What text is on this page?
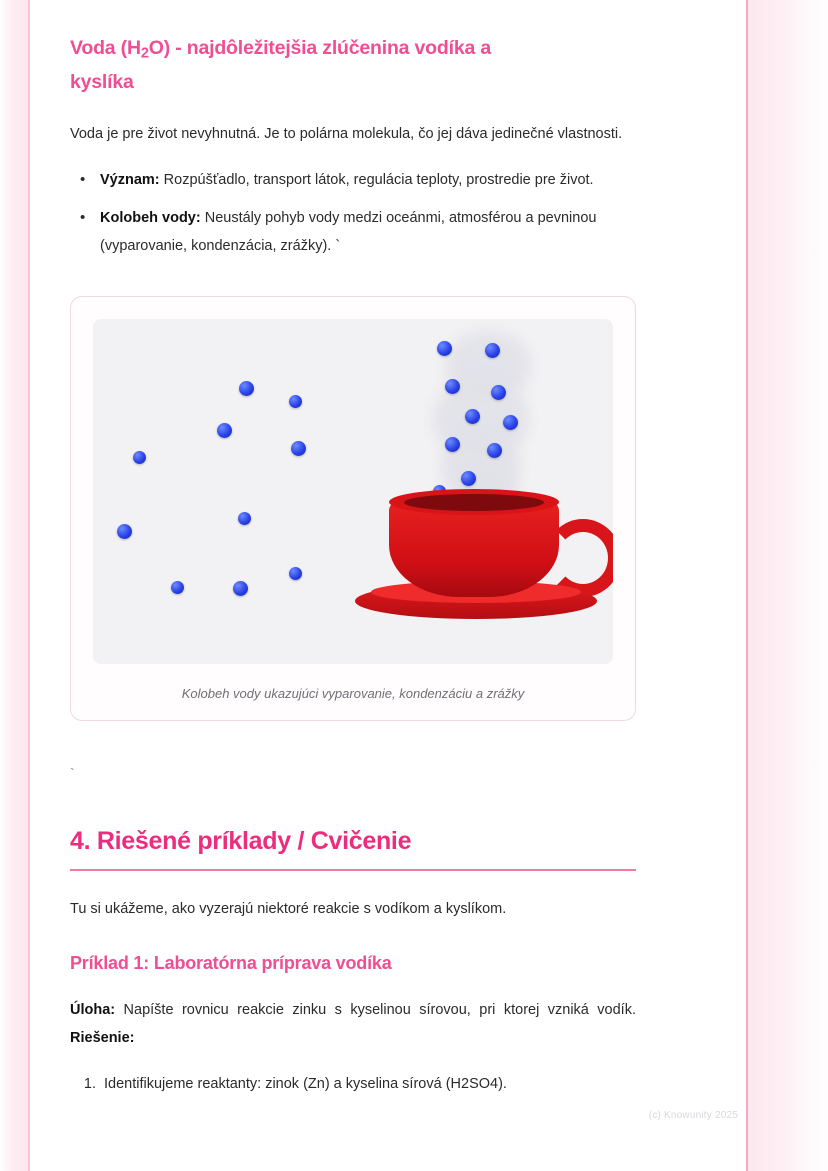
Voda $(H_2O)$ - najdôležitejšia zlúčenina vodíka a
kyslíka

Voda je pre život nevyhnutná. Je to polárna molekula, čo jej dáva jedinečné vlastnosti.

• Význam: Rozpúšťadlo, transport látok, regulácia teploty, prostredie pre život.
• Kolobeh vody: Neustály pohyb vody medzi oceánmi, atmosférou a pevninou (vyparovanie, kondenzácia, zrážky). `
Kolobeh vody ukazujúci vyparovanie, kondenzáciu a zrážky
`
4. Riešené príklady / Cvičenie

Tu si ukážeme, ako vyzerajú niektoré reakcie s vodíkom a kyslíkom.

Príklad 1: Laboratórna príprava vodíka

Úloha: Napíšte rovnicu reakcie zinku s kyselinou sírovou, pri ktorej vzniká vodík. Riešenie:

1. Identifikujeme reaktanty: zinok (Zn) a kyselina sírová (H2SO4).
(c) Knowunity 2025
